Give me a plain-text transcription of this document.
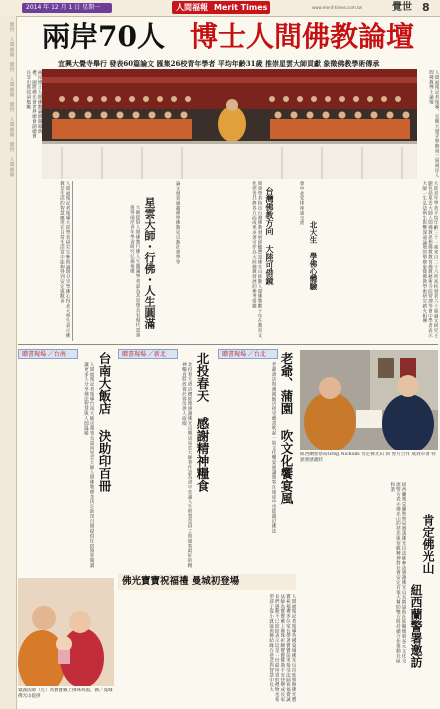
2014 年 12 月 1 日 星期一	人間福報 Merit Times	www.merit-times.com.tw	覺世 8
覺世 人間福報 覺世 人間福報 覺世 人間福報 覺世 人間福報 兩岸70人 博士人間佛教論壇
宜興大覺寺舉行 發表60篇論文 匯集26校青年學者 平均年齡31歲 推崇星雲大師貢獻 象徵佛教學術傳承
兩岸博士人間佛教論壇開幕典禮，國際佛光會世界總會副總會長等出席致詞勉勵	人間福報記者報導，宜興大覺寺舉辦第三屆兩岸人間佛教博士論壇
人間福報記者報導大陸學者研究生參與論壇分享學佛心得北大學生表示佛教是生活的智慧應用在日常生活當中能夠得到安定與歡喜	大師提倡人間佛教行佛人生圓滿學者認為其思想具有現代意義值得兩岸青年學習研究弘揚推廣 星雲大師・行佛・人生圓滿	論文發表涵蓋禪學佛教史宗教社會學等	與會學者指出台灣佛教發展經驗豐富佛光山推動人間佛教數十年在教育文化慈善共修各方面成果卓著可作為大陸佛教發展的參考借鏡	台灣佛教方向 大陸可借鏡	會中並安排座談交流
北大生 學佛心體驗	大陸青年學者平均年齡三十一歲來自二十六所高校發表六十篇論文研究主題包括星雲大師人間佛教思想佛教教育佛教藝術寺院管理等會中學者表示大師一生弘法利生影響深遠論壇的舉辦象徵佛教學術研究薪火相傳
贈書現場 ／台南	贈書現場 ／新北	贈書現場 ／台北
人間福報記者報導台南大飯店董事長認同星雲大師人間佛教理念決定助印百冊提供住宿旅客閱讀讓更多人分享佛法智慧與人間溫暖 台南大飯店 決助印百冊	北投春天酒店總經理感謝佛光山贈送星雲大師著作認為書中充滿人生智慧是員工與旅客最好的精神糧食將放置於客房供人取閱 北投春天 感謝精神糧食	老爺酒店與蒲園飯店接受贈書吹起一股文化饗宴風讓旅客在旅途中也能親近佛法 老爺、蒲園 吹文化饗宴風 紐西蘭警察局Greg Nicholls 肯定佛光山 與 警方合作 成效卓著 特頒發感謝狀
紐西蘭奧克蘭警察局邀請佛光山法師參訪感謝佛光山長期協助社區關懷與多元文化交流警方表示佛光山的慈悲與奉獻精神對社會安定有很大幫助雙方將持續合作推動社區和諧
肯定佛光山
紐西蘭警署邀訪
佛光寶寶祝福禮 曼城初登場
覺誠法師（左）為寶寶戴上佛珠祝福，圖／曼城佛光山提供	人間福報記者報導英國曼城佛光山首度舉辦佛光寶寶祝福禮多位家長帶著寶寶前來接受法師祝福覺誠法師為寶寶戴上佛珠祈願寶寶健康平安快樂成長家長們感動不已紛紛表示這是一份最珍貴的禮物也希望孩子從小就能與佛結緣在慈悲與智慧中長大
